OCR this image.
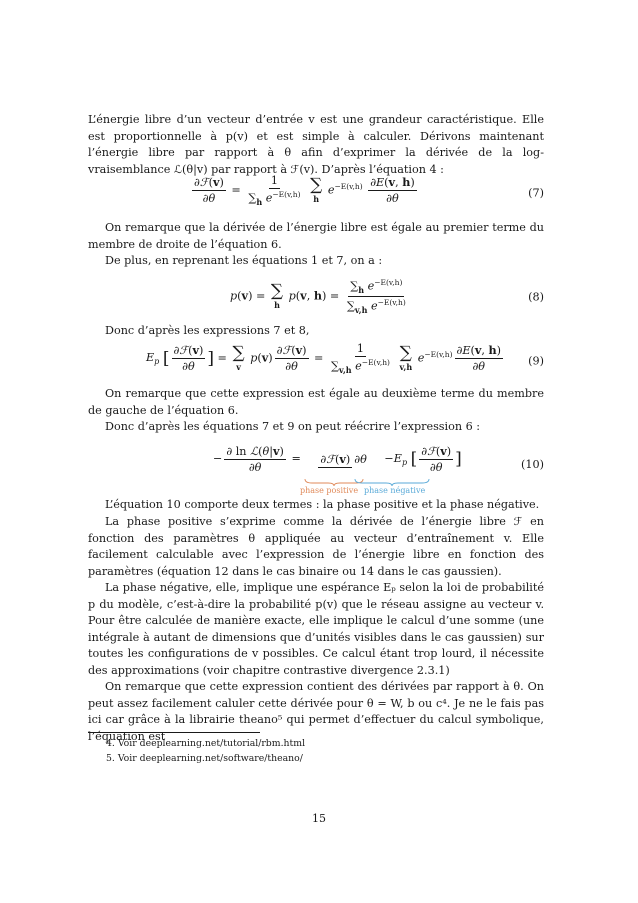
L’énergie libre d’un vecteur d’entrée v est une grandeur caractéristique. Elle est proportionnelle à p(v) et est simple à calculer. Dérivons maintenant l’énergie libre par rapport à θ afin d’exprimer la dérivée de la log-vraisemblance ℒ(θ|v) par rapport à ℱ(v). D’après l’équation 4 :
$\frac{\text{∂ℱ(v)}}{\partial\theta} = \frac{1}{\sum_h e^{-E(v,h)}}$
∑
h
$e^{-E(v,h)} \frac{\partial E(v, h)}{\partial\theta}$	(7)
On remarque que la dérivée de l’énergie libre est égale au premier terme du membre de droite de l’équation 6.
De plus, en reprenant les équations 1 et 7, on a :
p(v) = ∑
h
p(v, $h) = \frac{\sum_h e^{-E(v,h)}}{\sum_{v,h} e^{-E(v,h)}}$	(8)
Donc d’après les expressions 7 et 8,
$E_p$ [ $\frac{\text{∂ℱ(v)}}{\partial\theta}$ ] = ∑
v
$p(v) \frac{\text{∂ℱ(v)}}{\partial\theta} = \frac{1}{\sum_{v,h} e^{-E(v,h)}}$
∑
v,h
$e^{-E(v,h)} \frac{\partial E(v, h)}{\partial\theta} (9)$
On remarque que cette expression est égale au deuxième terme du membre de gauche de l’équation 6.
Donc d’après les équations 7 et 9 on peut réécrire l’expression 6 :
− $\frac{\text{∂ ln ℒ(θ|v)}}{\partial\theta}$ = ∂ℱ(v) $\partial\theta -E_p$ [ $\frac{\text{∂ℱ(v)}}{\partial\theta}$ ]
phase positive phase négative
(10)
L’équation 10 comporte deux termes : la phase positive et la phase négative.
La phase positive s’exprime comme la dérivée de l’énergie libre ℱ en fonction des paramètres θ appliquée au vecteur d’entraînement v. Elle facilement calculable avec l’expression de l’énergie libre en fonction des paramètres (équation 12 dans le cas binaire ou 14 dans le cas gaussien).
La phase négative, elle, implique une espérance Eₚ selon la loi de probabilité p du modèle, c’est-à-dire la probabilité p(v) que le réseau assigne au vecteur v. Pour être calculée de manière exacte, elle implique le calcul d’une somme (une intégrale à autant de dimensions que d’unités visibles dans le cas gaussien) sur toutes les configurations de v possibles. Ce calcul étant trop lourd, il nécessite des approximations (voir chapitre contrastive divergence 2.3.1)
On remarque que cette expression contient des dérivées par rapport à θ. On peut assez facilement caluler cette dérivée pour θ = W, b ou c⁴. Je ne le fais pas ici car grâce à la librairie theano⁵ qui permet d’effectuer du calcul symbolique, l’équation est
4. Voir deeplearning.net/tutorial/rbm.html
5. Voir deeplearning.net/software/theano/
15
